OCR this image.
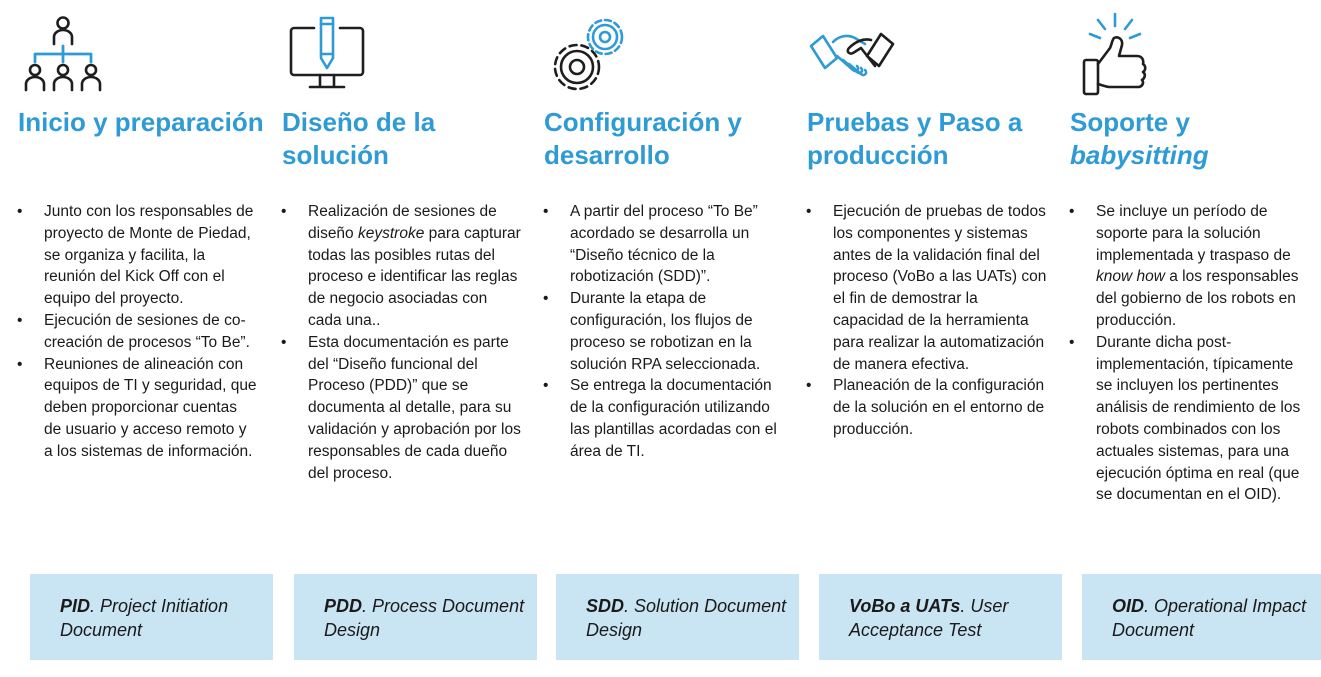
Inicio y preparación
• Junto con los responsables de proyecto de Monte de Piedad, se organiza y facilita, la reunión del Kick Off con el equipo del proyecto.
• Ejecución de sesiones de co-creación de procesos “To Be”.
• Reuniones de alineación con equipos de TI y seguridad, que deben proporcionar cuentas de usuario y acceso remoto y a los sistemas de información.
PID. Project Initiation Document
Diseño de la solución
• Realización de sesiones de diseño keystroke para capturar todas las posibles rutas del proceso e identificar las reglas de negocio asociadas con cada una..
• Esta documentación es parte del “Diseño funcional del Proceso (PDD)” que se documenta al detalle, para su validación y aprobación por los responsables de cada dueño del proceso.
PDD. Process Document Design
Configuración y desarrollo
• A partir del proceso “To Be” acordado se desarrolla un “Diseño técnico de la robotización (SDD)”.
• Durante la etapa de configuración, los flujos de proceso se robotizan en la solución RPA seleccionada.
• Se entrega la documentación de la configuración utilizando las plantillas acordadas con el área de TI.
SDD. Solution Document Design
Pruebas y Paso a producción
• Ejecución de pruebas de todos los componentes y sistemas antes de la validación final del proceso (VoBo a las UATs) con el fin de demostrar la capacidad de la herramienta para realizar la automatización de manera efectiva.
• Planeación de la configuración de la solución en el entorno de producción.
VoBo a UATs. User Acceptance Test
Soporte y babysitting
• Se incluye un período de soporte para la solución implementada y traspaso de know how a los responsables del gobierno de los robots en producción.
• Durante dicha post-implementación, típicamente se incluyen los pertinentes análisis de rendimiento de los robots combinados con los actuales sistemas, para una ejecución óptima en real (que se documentan en el OID).
OID. Operational Impact Document
